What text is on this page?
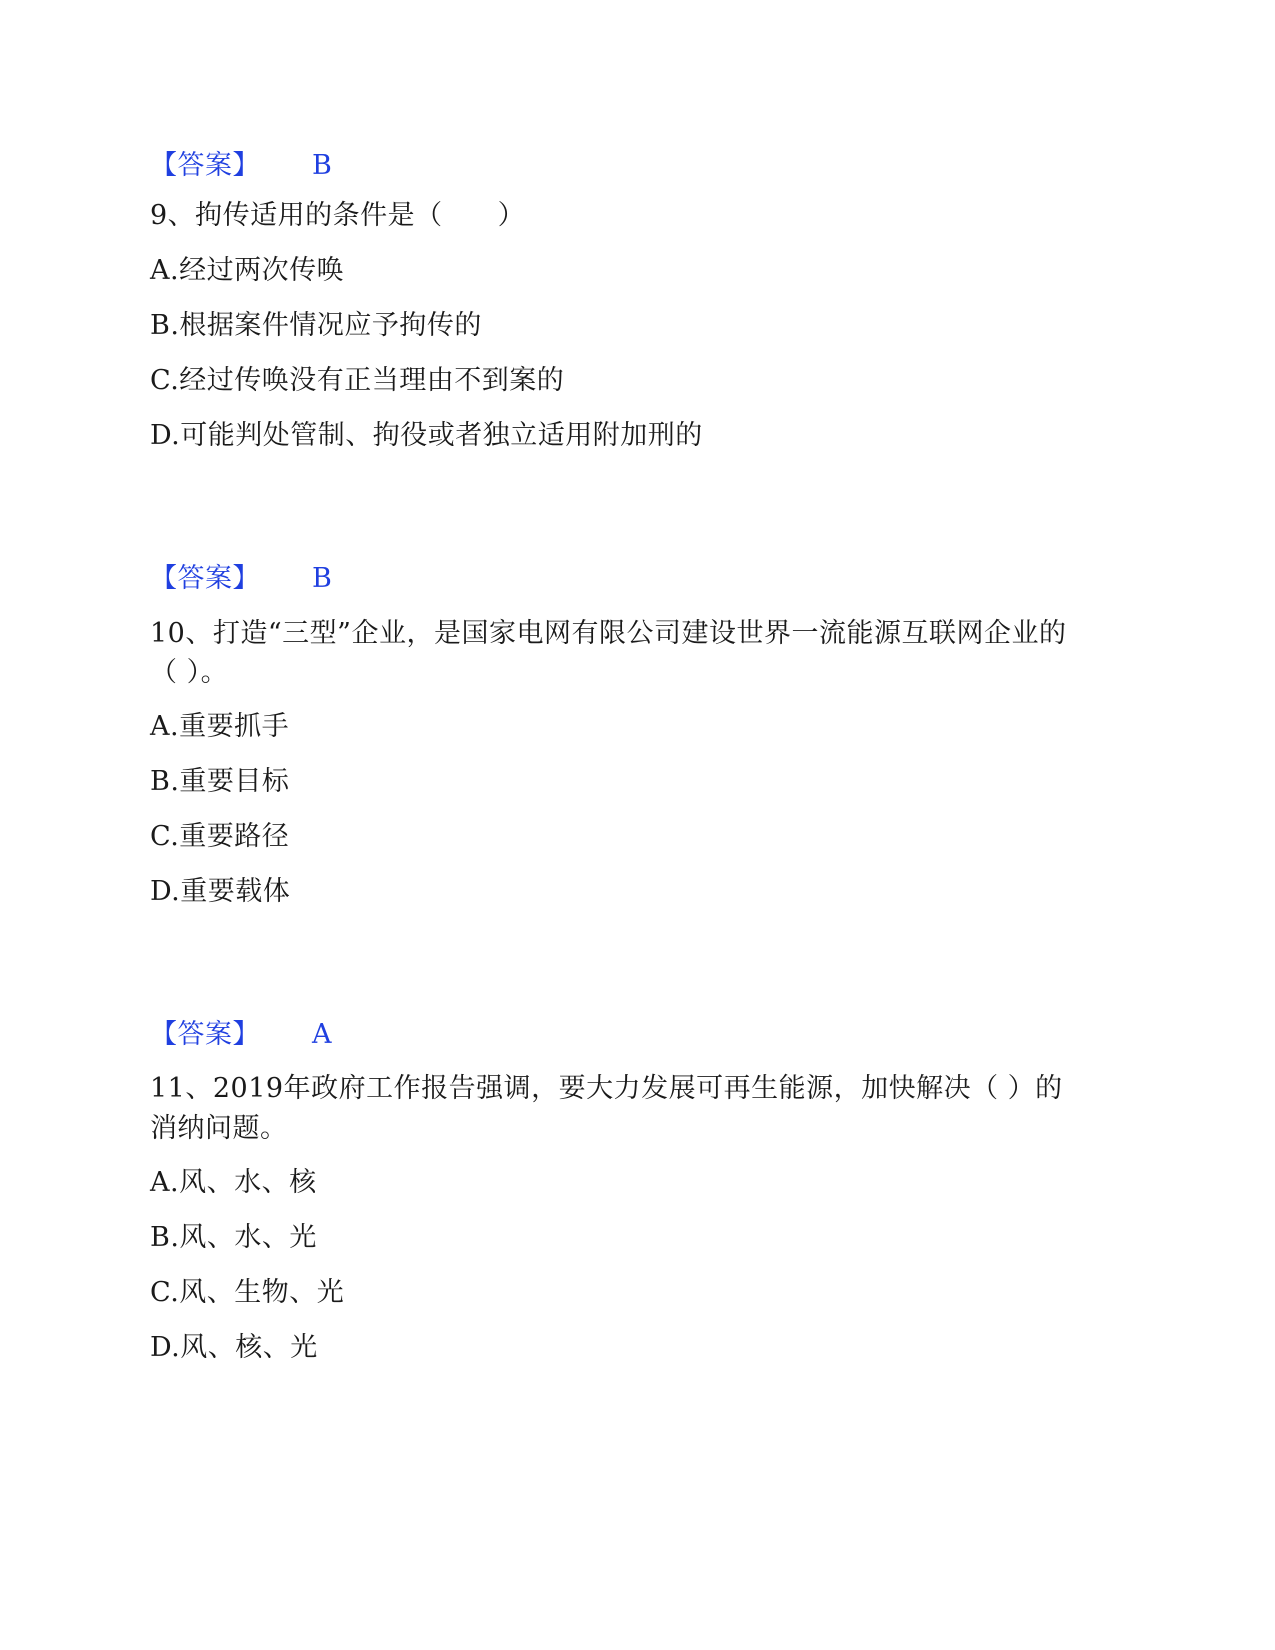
【答案】 B
9、拘传适用的条件是（　　）
A.经过两次传唤
B.根据案件情况应予拘传的
C.经过传唤没有正当理由不到案的
D.可能判处管制、拘役或者独立适用附加刑的
【答案】 B
10、打造“三型”企业，是国家电网有限公司建设世界一流能源互联网企业的
（ ）。
A.重要抓手
B.重要目标
C.重要路径
D.重要载体
【答案】 A
11、2019年政府工作报告强调，要大力发展可再生能源，加快解决（ ）的
消纳问题。
A.风、水、核
B.风、水、光
C.风、生物、光
D.风、核、光
